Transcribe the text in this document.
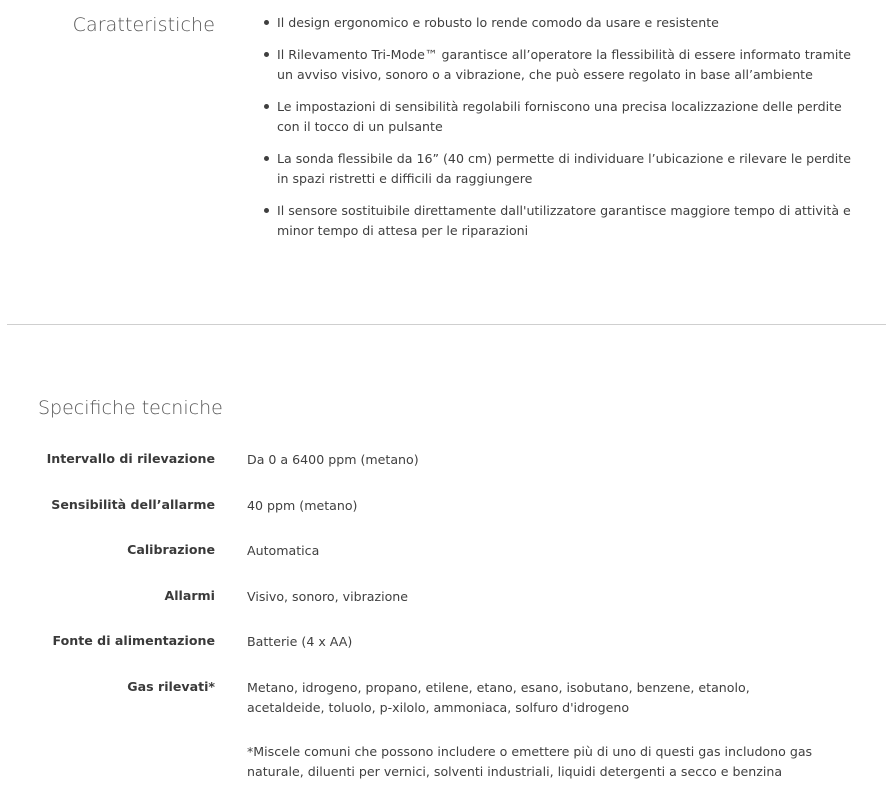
Caratteristiche	Il design ergonomico e robusto lo rende comodo da usare e resistente
Il Rilevamento Tri-Mode™ garantisce all’operatore la flessibilità di essere informato tramite un avviso visivo, sonoro o a vibrazione, che può essere regolato in base all’ambiente
Le impostazioni di sensibilità regolabili forniscono una precisa localizzazione delle perdite con il tocco di un pulsante
La sonda flessibile da 16” (40 cm) permette di individuare l’ubicazione e rilevare le perdite in spazi ristretti e difficili da raggiungere
Il sensore sostituibile direttamente dall'utilizzatore garantisce maggiore tempo di attività e minor tempo di attesa per le riparazioni
Specifiche tecniche
Intervallo di rilevazione	Da 0 a 6400 ppm (metano)
Sensibilità dell’allarme	40 ppm (metano)
Calibrazione	Automatica
Allarmi	Visivo, sonoro, vibrazione
Fonte di alimentazione	Batterie (4 x AA)
Gas rilevati*	Metano, idrogeno, propano, etilene, etano, esano, isobutano, benzene, etanolo, acetaldeide, toluolo, p-xilolo, ammoniaca, solfuro d'idrogeno
*Miscele comuni che possono includere o emettere più di uno di questi gas includono gas naturale, diluenti per vernici, solventi industriali, liquidi detergenti a secco e benzina
